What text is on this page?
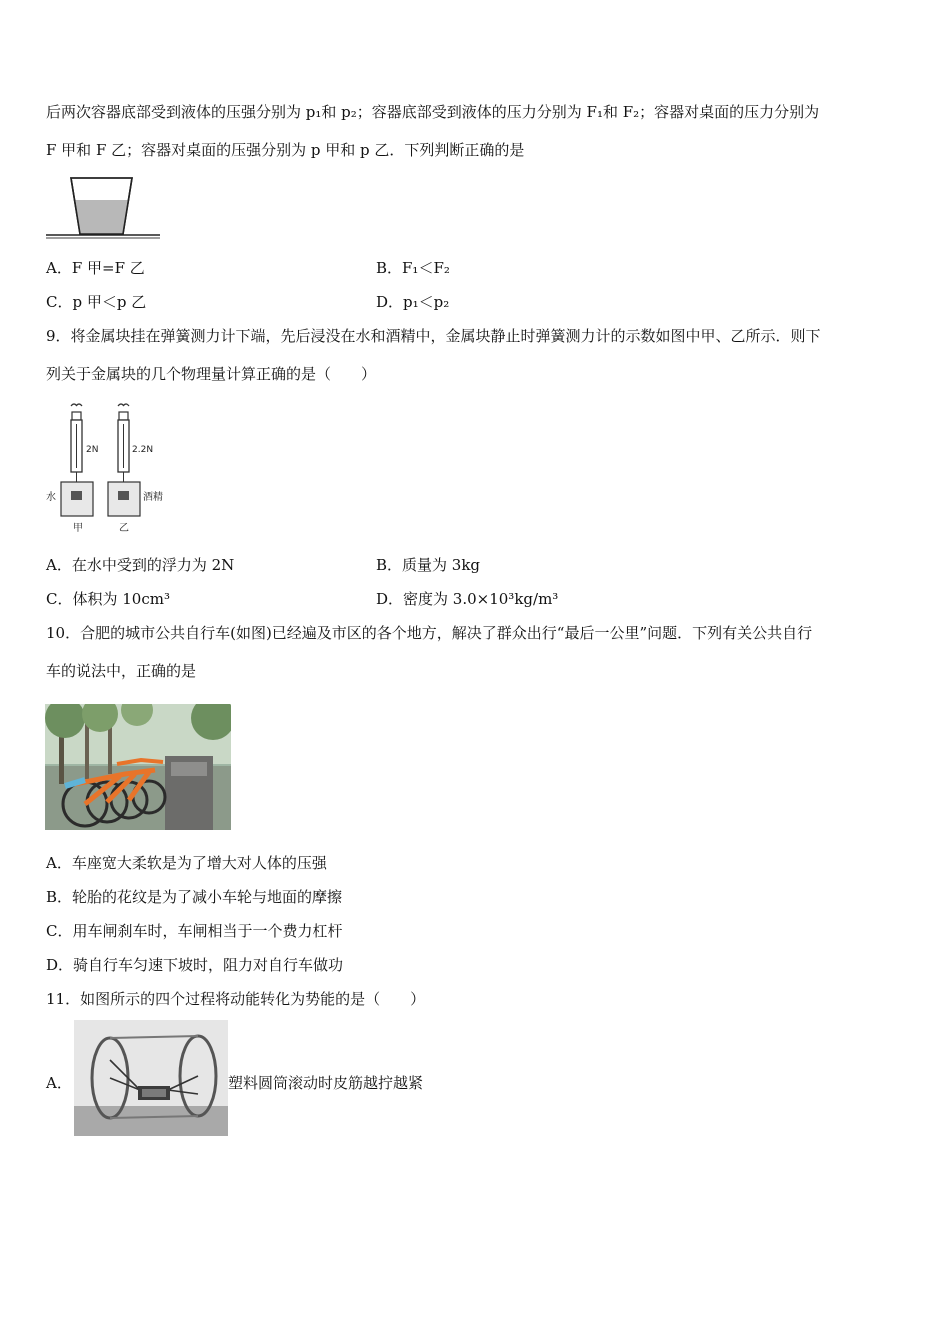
后两次容器底部受到液体的压强分别为 p₁和 p₂；容器底部受到液体的压力分别为 F₁和 F₂；容器对桌面的压力分别为
F 甲和 F 乙；容器对桌面的压强分别为 p 甲和 p 乙．下列判断正确的是
A．F 甲=F 乙	B．F₁＜F₂
C．p 甲＜p 乙	D．p₁＜p₂
9．将金属块挂在弹簧测力计下端，先后浸没在水和酒精中，金属块静止时弹簧测力计的示数如图中甲、乙所示．则下
列关于金属块的几个物理量计算正确的是（　　）
2N	2.2N
水	酒精
甲	乙
A．在水中受到的浮力为 2N	B．质量为 3kg
C．体积为 10cm³	D．密度为 3.0×10³kg/m³
10．合肥的城市公共自行车(如图)已经遍及市区的各个地方，解决了群众出行“最后一公里”问题．下列有关公共自行
车的说法中，正确的是
A．车座宽大柔软是为了增大对人体的压强
B．轮胎的花纹是为了减小车轮与地面的摩擦
C．用车闸刹车时，车闸相当于一个费力杠杆
D．骑自行车匀速下坡时，阻力对自行车做功
11．如图所示的四个过程将动能转化为势能的是（　　）
A．	塑料圆筒滚动时皮筋越拧越紧
